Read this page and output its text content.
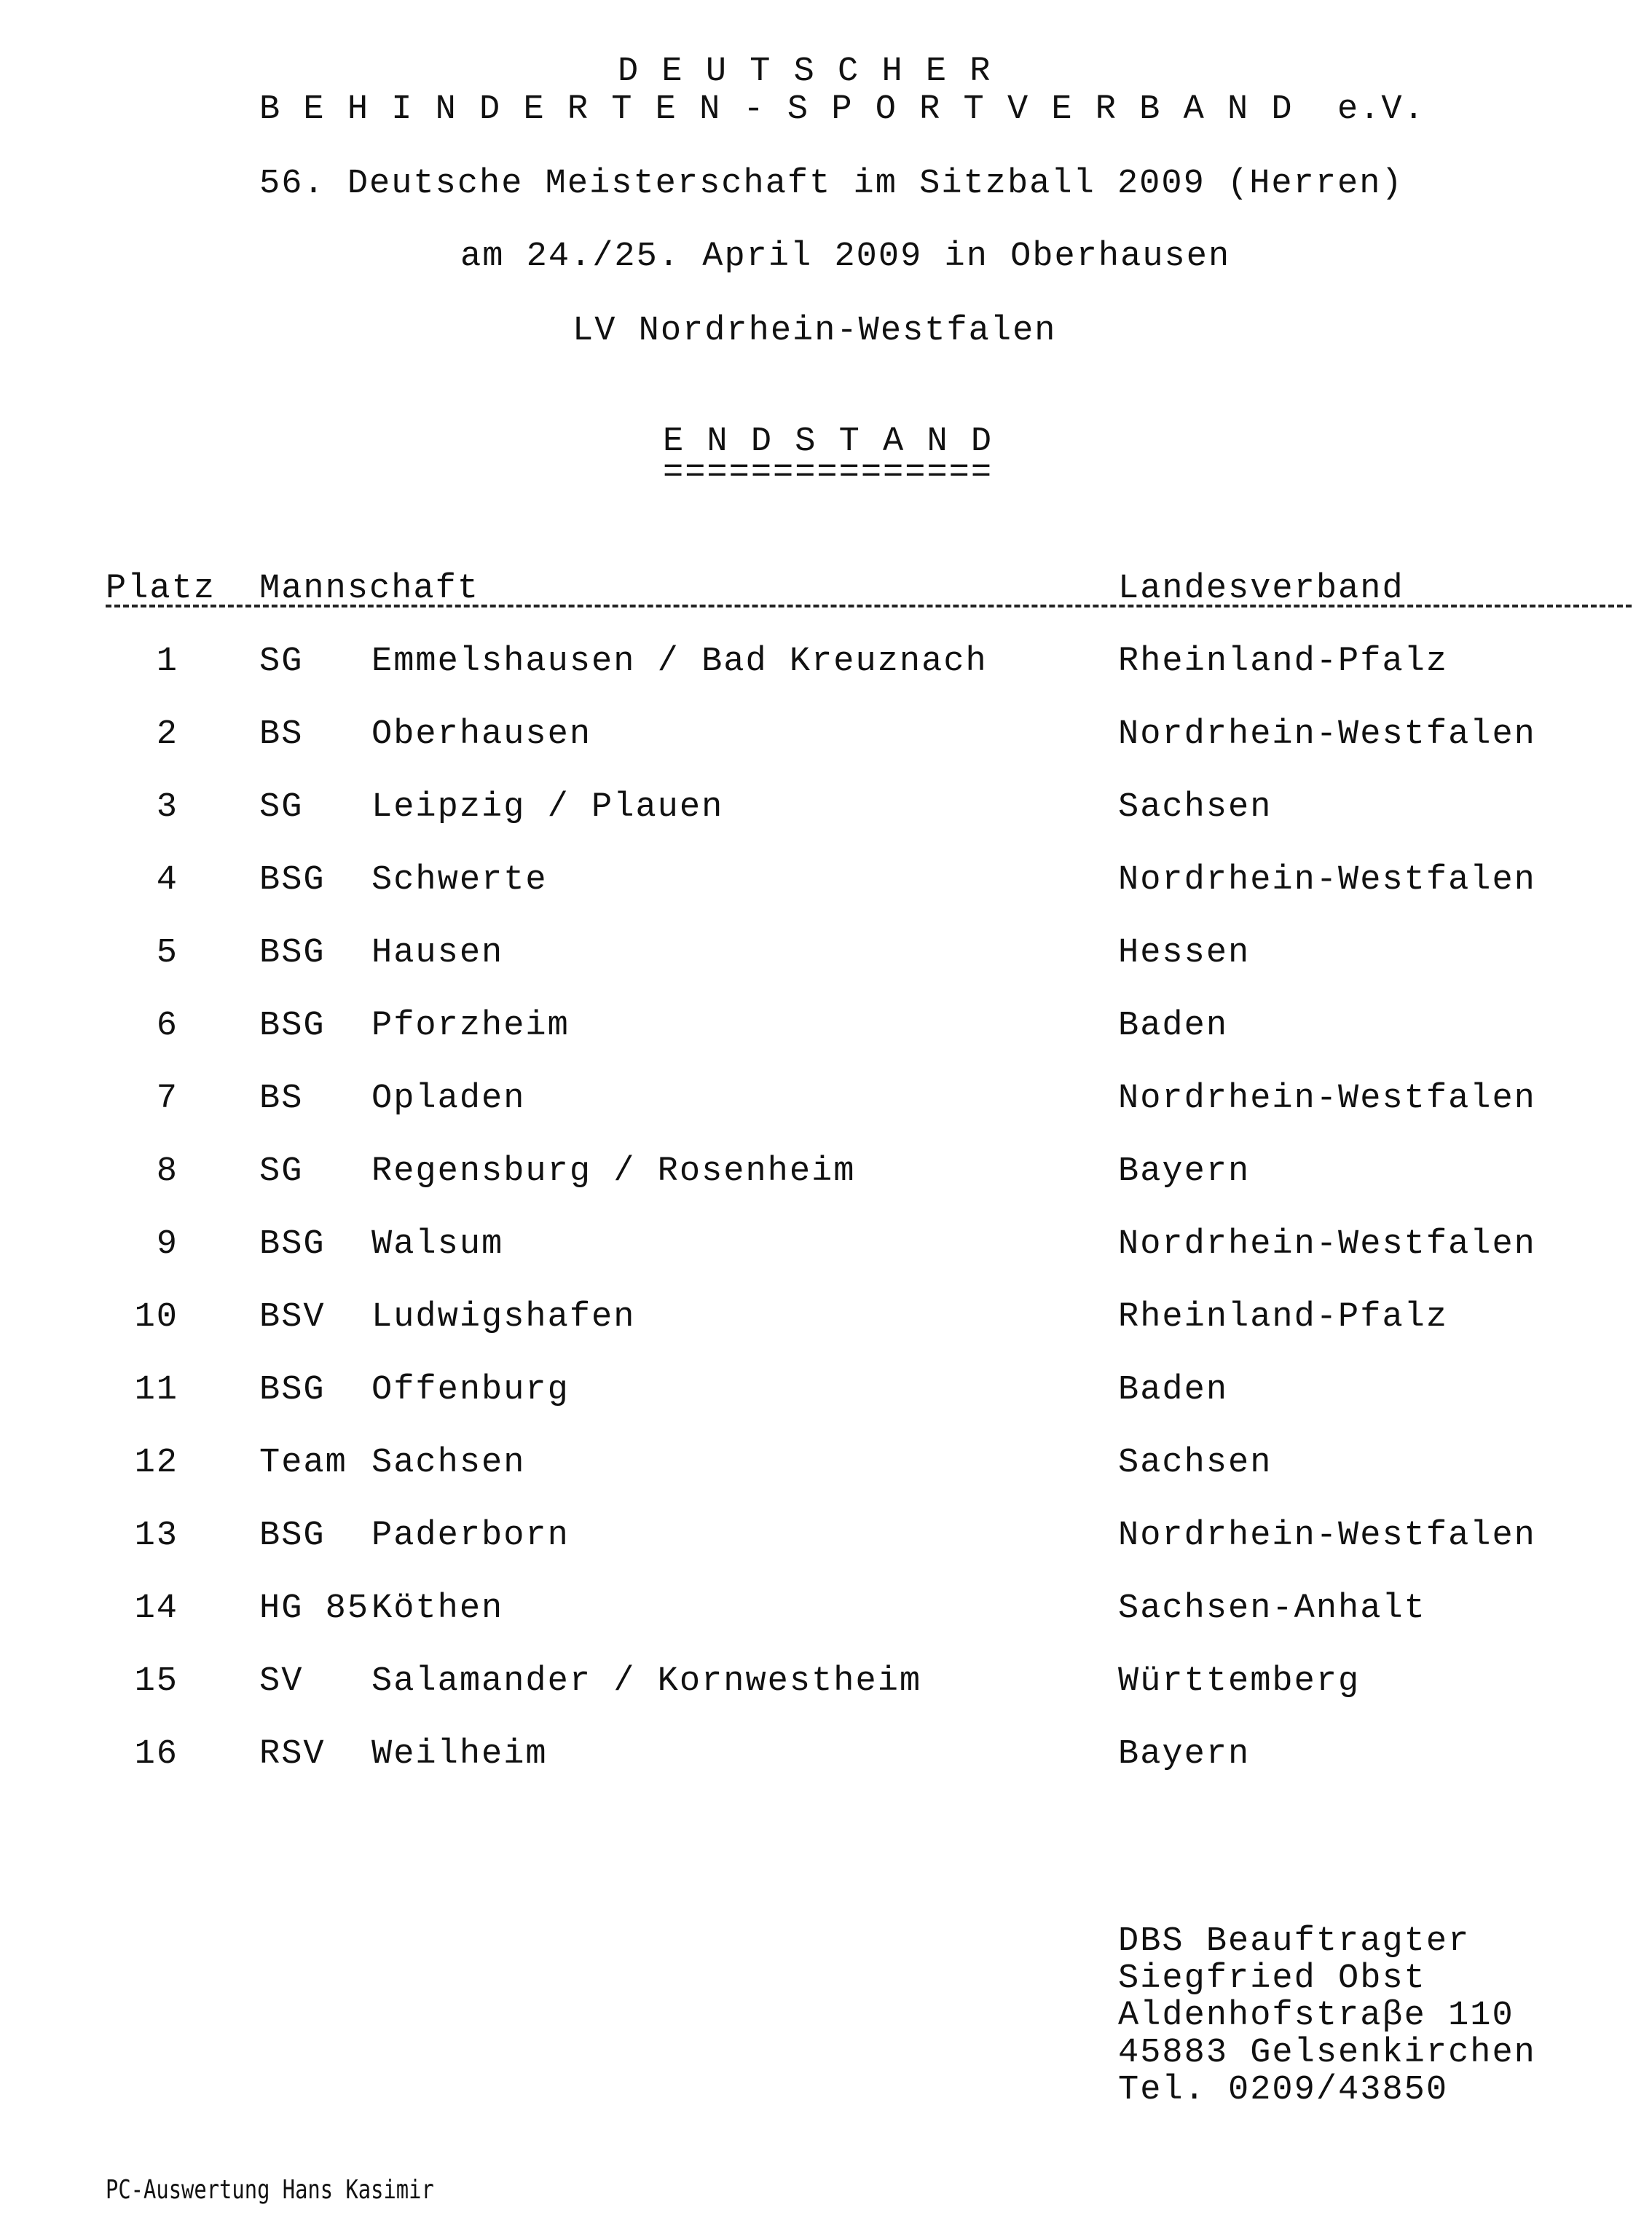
D E U T S C H E R
B E H I N D E R T E N - S P O R T V E R B A N D  e.V.
56. Deutsche Meisterschaft im Sitzball 2009 (Herren)
am 24./25. April 2009 in Oberhausen
LV Nordrhein-Westfalen
E N D S T A N D
===============
Platz Mannschaft	Landesverband
1 SG Emmelshausen / Bad Kreuznach	Rheinland-Pfalz
2 BS Oberhausen	Nordrhein-Westfalen
3 SG Leipzig / Plauen	Sachsen
4 BSG Schwerte	Nordrhein-Westfalen
5 BSG Hausen	Hessen
6 BSG Pforzheim	Baden
7 BS Opladen	Nordrhein-Westfalen
8 SG Regensburg / Rosenheim	Bayern
9 BSG Walsum	Nordrhein-Westfalen
10 BSV Ludwigshafen	Rheinland-Pfalz
11 BSG Offenburg	Baden
12 Team Sachsen	Sachsen
13 BSG Paderborn	Nordrhein-Westfalen
14 HG 85 Köthen	Sachsen-Anhalt
15 SV Salamander / Kornwestheim	Württemberg
16 RSV Weilheim	Bayern
DBS Beauftragter
Siegfried Obst
Aldenhofstraβe 110
45883 Gelsenkirchen
Tel. 0209/43850
PC-Auswertung Hans Kasimir
